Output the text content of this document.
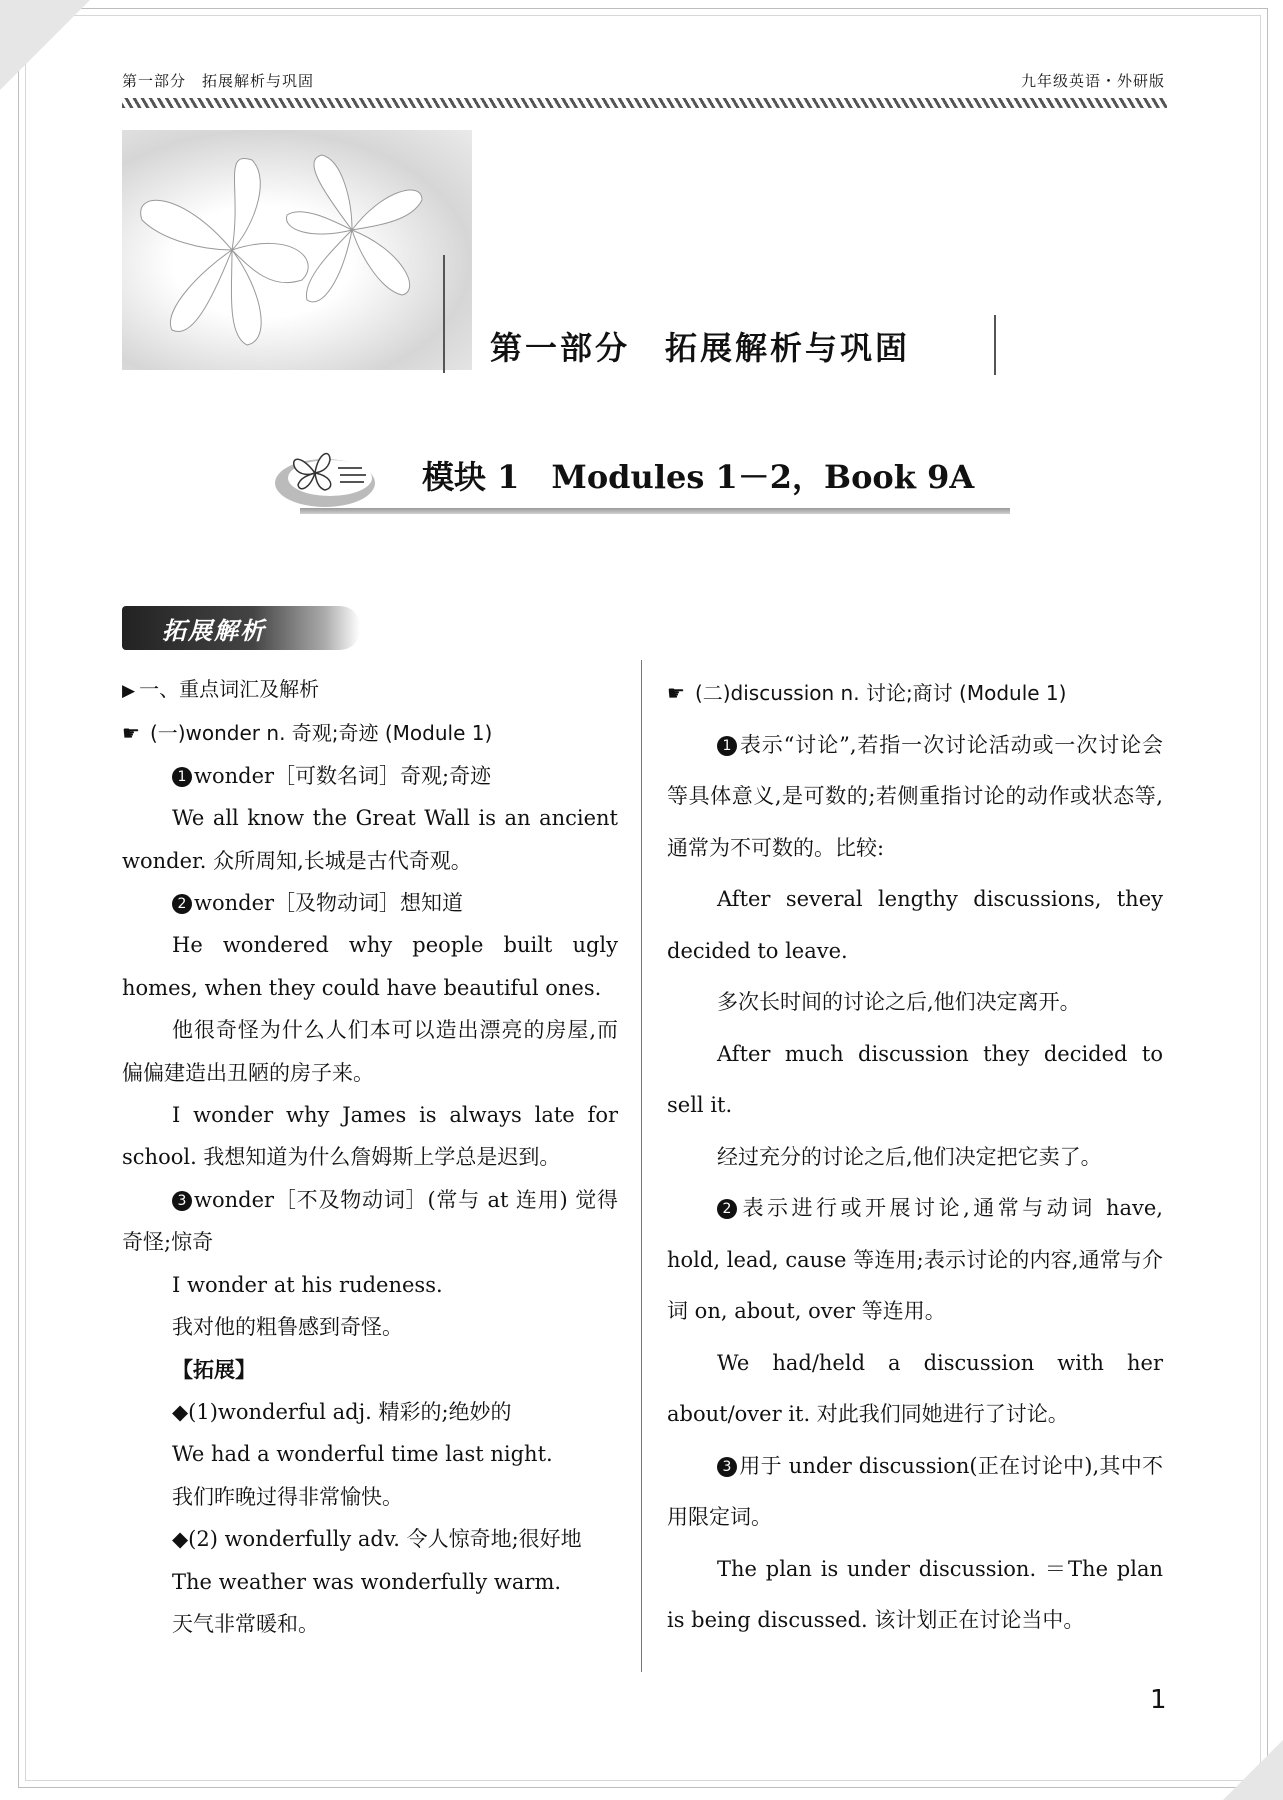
第一部分　拓展解析与巩固	九年级英语・外研版
第一部分　拓展解析与巩固
模块 1　Modules 1－2，Book 9A
拓展解析

▶ 一、重点词汇及解析

☛ (一)wonder n. 奇观;奇迹 (Module 1)

1 wonder［可数名词］奇观;奇迹

We all know the Great Wall is an ancient wonder. 众所周知,长城是古代奇观。

2 wonder［及物动词］想知道

He wondered why people built ugly homes, when they could have beautiful ones.

他很奇怪为什么人们本可以造出漂亮的房屋,而偏偏建造出丑陋的房子来。

I wonder why James is always late for school. 我想知道为什么詹姆斯上学总是迟到。

3 wonder［不及物动词］(常与 at 连用) 觉得奇怪;惊奇

I wonder at his rudeness.

我对他的粗鲁感到奇怪。

【拓展】

◆(1)wonderful adj. 精彩的;绝妙的

We had a wonderful time last night.

我们昨晚过得非常愉快。

◆(2) wonderfully adv. 令人惊奇地;很好地

The weather was wonderfully warm.

天气非常暖和。

☛ (二)discussion n. 讨论;商讨 (Module 1)

1 表示“讨论”,若指一次讨论活动或一次讨论会等具体意义,是可数的;若侧重指讨论的动作或状态等,通常为不可数的。比较:

After several lengthy discussions, they decided to leave.

多次长时间的讨论之后,他们决定离开。

After much discussion they decided to sell it.

经过充分的讨论之后,他们决定把它卖了。

2 表示进行或开展讨论,通常与动词 have, hold, lead, cause 等连用;表示讨论的内容,通常与介词 on, about, over 等连用。

We had/held a discussion with her about/over it. 对此我们同她进行了讨论。

3 用于 under discussion(正在讨论中),其中不用限定词。

The plan is under discussion. ＝The plan is being discussed. 该计划正在讨论当中。

1
